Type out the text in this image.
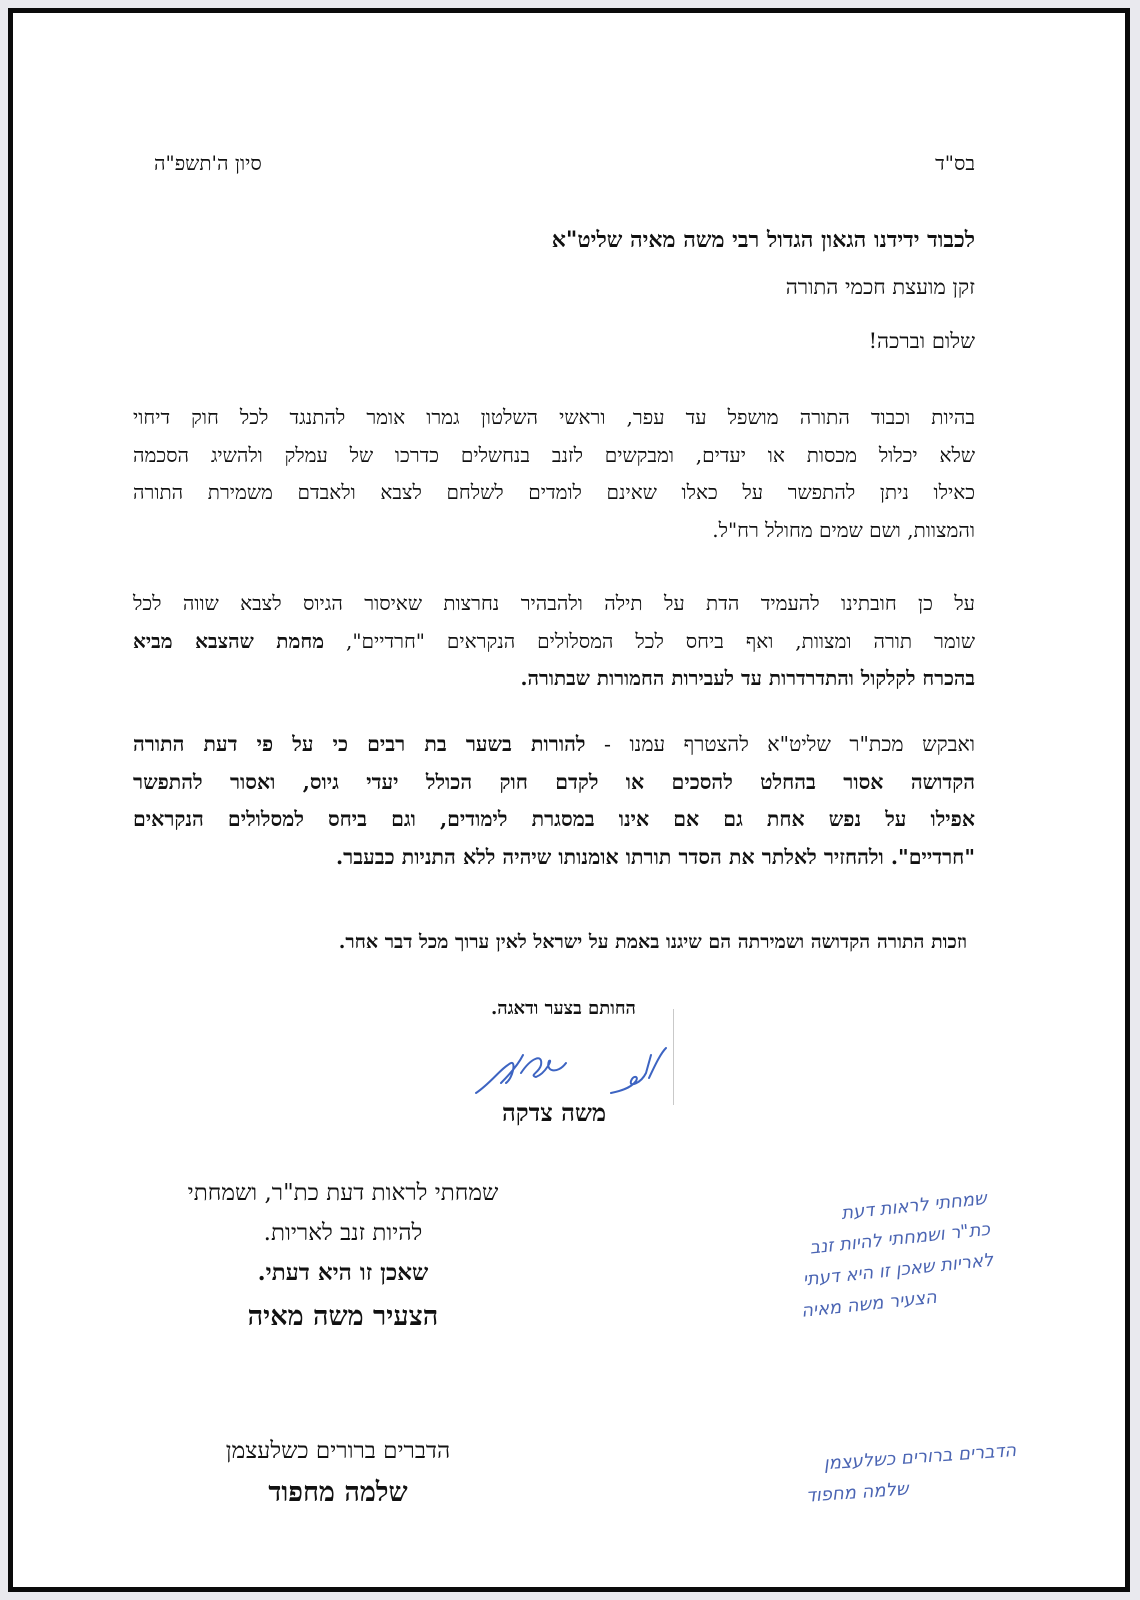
בס"ד
סיון ה'תשפ"ה
לכבוד ידידנו הגאון הגדול רבי משה מאיה שליט"א
זקן מועצת חכמי התורה
שלום וברכה!
בהיות וכבוד התורה מושפל עד עפר, וראשי השלטון גמרו אומר להתנגד לכל חוק דיחוי
שלא יכלול מכסות או יעדים, ומבקשים לזנב בנחשלים כדרכו של עמלק ולהשיג הסכמה
כאילו ניתן להתפשר על כאלו שאינם לומדים לשלחם לצבא ולאבדם משמירת התורה
והמצוות, ושם שמים מחולל רח"ל.
על כן חובתינו להעמיד הדת על תילה ולהבהיר נחרצות שאיסור הגיוס לצבא שווה לכל
שומר תורה ומצוות, ואף ביחס לכל המסלולים הנקראים "חרדיים", מחמת שהצבא מביא
בהכרח לקלקול והתדרדרות עד לעבירות החמורות שבתורה.
ואבקש מכת"ר שליט"א להצטרף עמנו - להורות בשער בת רבים כי על פי דעת התורה
הקדושה אסור בהחלט להסכים או לקדם חוק הכולל יעדי גיוס, ואסור להתפשר
אפילו על נפש אחת גם אם אינו במסגרת לימודים, וגם ביחס למסלולים הנקראים
"חרדיים". ולהחזיר לאלתר את הסדר תורתו אומנותו שיהיה ללא התניות כבעבר.
וזכות התורה הקדושה ושמירתה הם שיגנו באמת על ישראל לאין ערוך מכל דבר אחר.
החותם בצער ודאגה.
משה צדקה
שמחתי לראות דעת כת"ר, ושמחתי
להיות זנב לאריות.
שאכן זו היא דעתי.
הצעיר משה מאיה
שמחתי לראות דעת
כת"ר ושמחתי להיות זנב
לאריות שאכן זו היא דעתי
הצעיר משה מאיה
הדברים ברורים כשלעצמן
שלמה מחפוד
הדברים ברורים כשלעצמן
שלמה מחפוד
